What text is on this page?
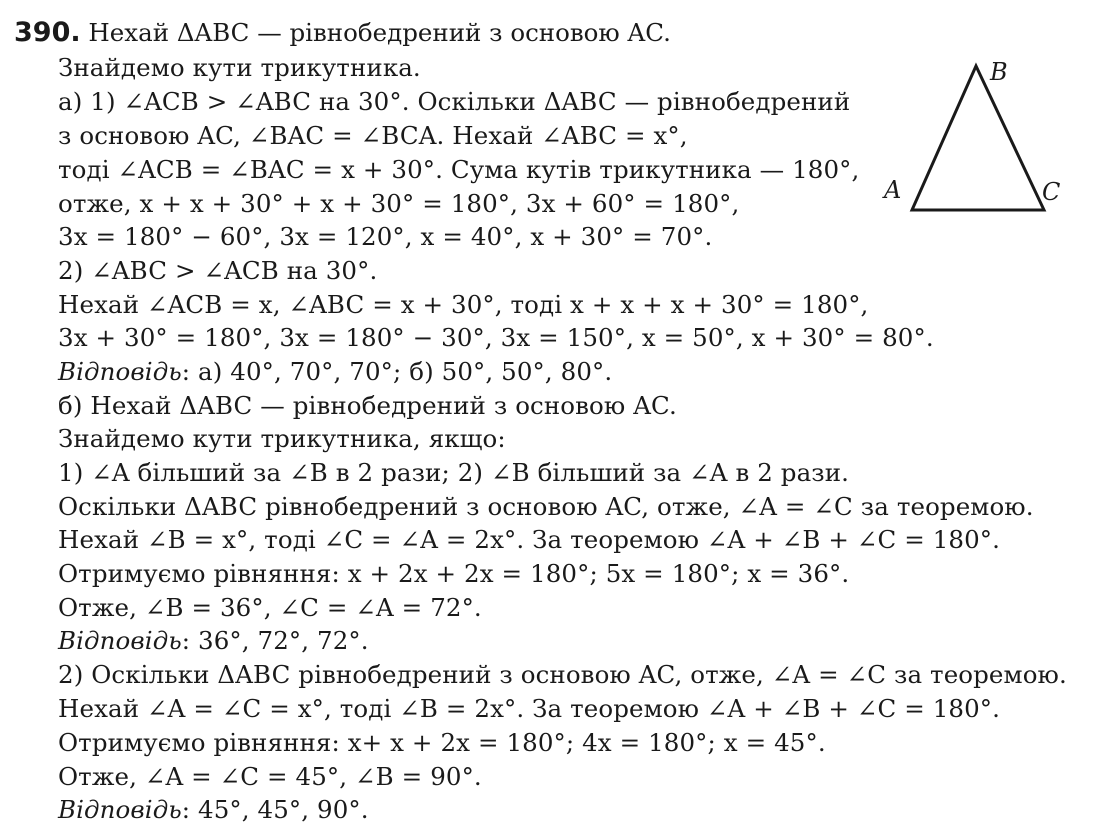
390. Нехай ΔABC — рівнобедрений з основою AC.
Знайдемо кути трикутника.
а) 1) ∠ACB > ∠ABC на 30°. Оскільки ΔABC — рівнобедрений
з основою AC, ∠BAC = ∠BCA. Нехай ∠ABC = x°,
тоді ∠ACB = ∠BAC = x + 30°. Сума кутів трикутника — 180°,
отже, x + x + 30° + x + 30° = 180°, 3x + 60° = 180°,
3x = 180° − 60°, 3x = 120°, x = 40°, x + 30° = 70°.
2) ∠ABC > ∠ACB на 30°.
Нехай ∠ACB = x, ∠ABC = x + 30°, тоді x + x + x + 30° = 180°,
3x + 30° = 180°, 3x = 180° − 30°, 3x = 150°, x = 50°, x + 30° = 80°.
Відповідь: а) 40°, 70°, 70°; б) 50°, 50°, 80°.
б) Нехай ΔABC — рівнобедрений з основою AC.
Знайдемо кути трикутника, якщо:
1) ∠A більший за ∠B в 2 рази; 2) ∠B більший за ∠A в 2 рази.
Оскільки ΔABC рівнобедрений з основою AC, отже, ∠A = ∠C за теоремою.
Нехай ∠B = x°, тоді ∠C = ∠A = 2x°. За теоремою ∠A + ∠B + ∠C = 180°.
Отримуємо рівняння: x + 2x + 2x = 180°; 5x = 180°; x = 36°.
Отже, ∠B = 36°, ∠C = ∠A = 72°.
Відповідь: 36°, 72°, 72°.
2) Оскільки ΔABC рівнобедрений з основою AC, отже, ∠A = ∠C за теоремою.
Нехай ∠A = ∠C = x°, тоді ∠B = 2x°. За теоремою ∠A + ∠B + ∠C = 180°.
Отримуємо рівняння: x+ x + 2x = 180°; 4x = 180°; x = 45°.
Отже, ∠A = ∠C = 45°, ∠B = 90°.
Відповідь: 45°, 45°, 90°.
A
B
C
